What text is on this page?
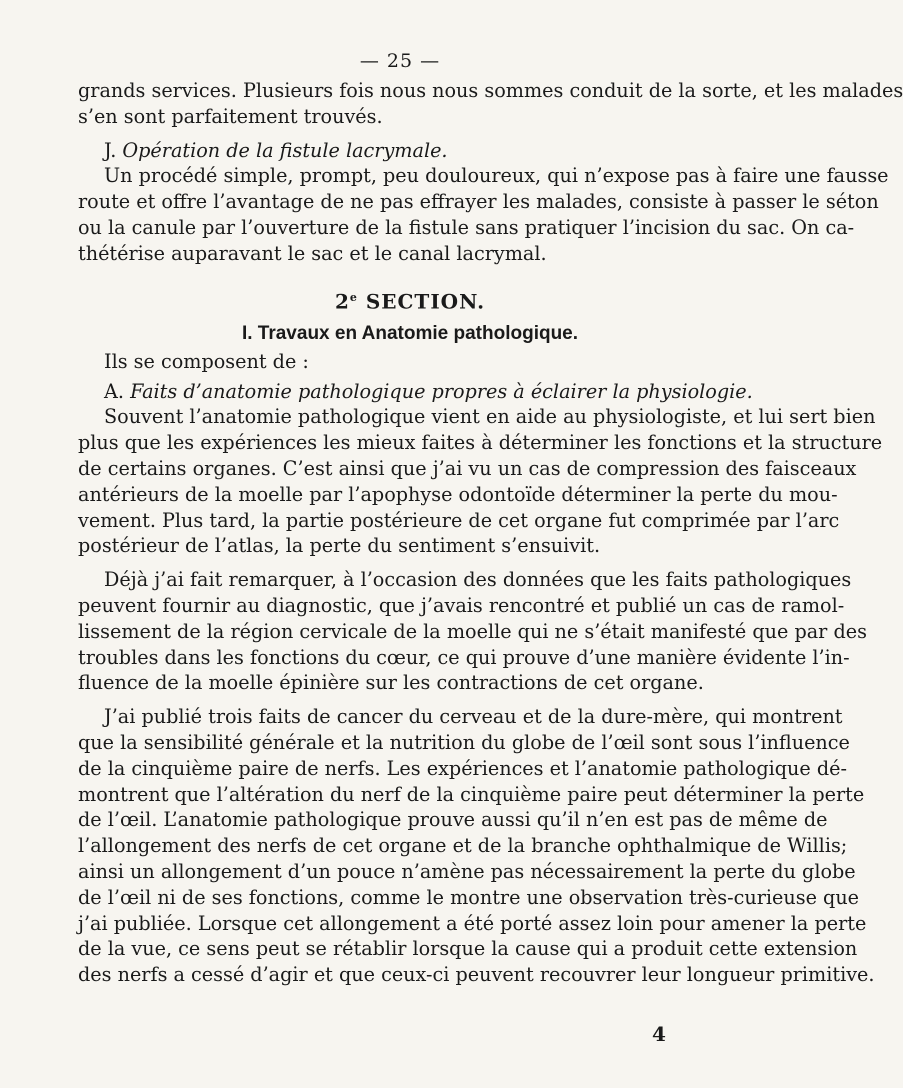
— 25 —
grands services. Plusieurs fois nous nous sommes conduit de la sorte, et les malades
s’en sont parfaitement trouvés.
J. Opération de la fistule lacrymale.
Un procédé simple, prompt, peu douloureux, qui n’expose pas à faire une fausse
route et offre l’avantage de ne pas effrayer les malades, consiste à passer le séton
ou la canule par l’ouverture de la fistule sans pratiquer l’incision du sac. On ca-
thétérise auparavant le sac et le canal lacrymal.
2e SECTION.
I. Travaux en Anatomie pathologique.
Ils se composent de :
A. Faits d’anatomie pathologique propres à éclairer la physiologie.
Souvent l’anatomie pathologique vient en aide au physiologiste, et lui sert bien
plus que les expériences les mieux faites à déterminer les fonctions et la structure
de certains organes. C’est ainsi que j’ai vu un cas de compression des faisceaux
antérieurs de la moelle par l’apophyse odontoïde déterminer la perte du mou-
vement. Plus tard, la partie postérieure de cet organe fut comprimée par l’arc
postérieur de l’atlas, la perte du sentiment s’ensuivit.
Déjà j’ai fait remarquer, à l’occasion des données que les faits pathologiques
peuvent fournir au diagnostic, que j’avais rencontré et publié un cas de ramol-
lissement de la région cervicale de la moelle qui ne s’était manifesté que par des
troubles dans les fonctions du cœur, ce qui prouve d’une manière évidente l’in-
fluence de la moelle épinière sur les contractions de cet organe.
J’ai publié trois faits de cancer du cerveau et de la dure-mère, qui montrent
que la sensibilité générale et la nutrition du globe de l’œil sont sous l’influence
de la cinquième paire de nerfs. Les expériences et l’anatomie pathologique dé-
montrent que l’altération du nerf de la cinquième paire peut déterminer la perte
de l’œil. L’anatomie pathologique prouve aussi qu’il n’en est pas de même de
l’allongement des nerfs de cet organe et de la branche ophthalmique de Willis;
ainsi un allongement d’un pouce n’amène pas nécessairement la perte du globe
de l’œil ni de ses fonctions, comme le montre une observation très-curieuse que
j’ai publiée. Lorsque cet allongement a été porté assez loin pour amener la perte
de la vue, ce sens peut se rétablir lorsque la cause qui a produit cette extension
des nerfs a cessé d’agir et que ceux-ci peuvent recouvrer leur longueur primitive.
4
